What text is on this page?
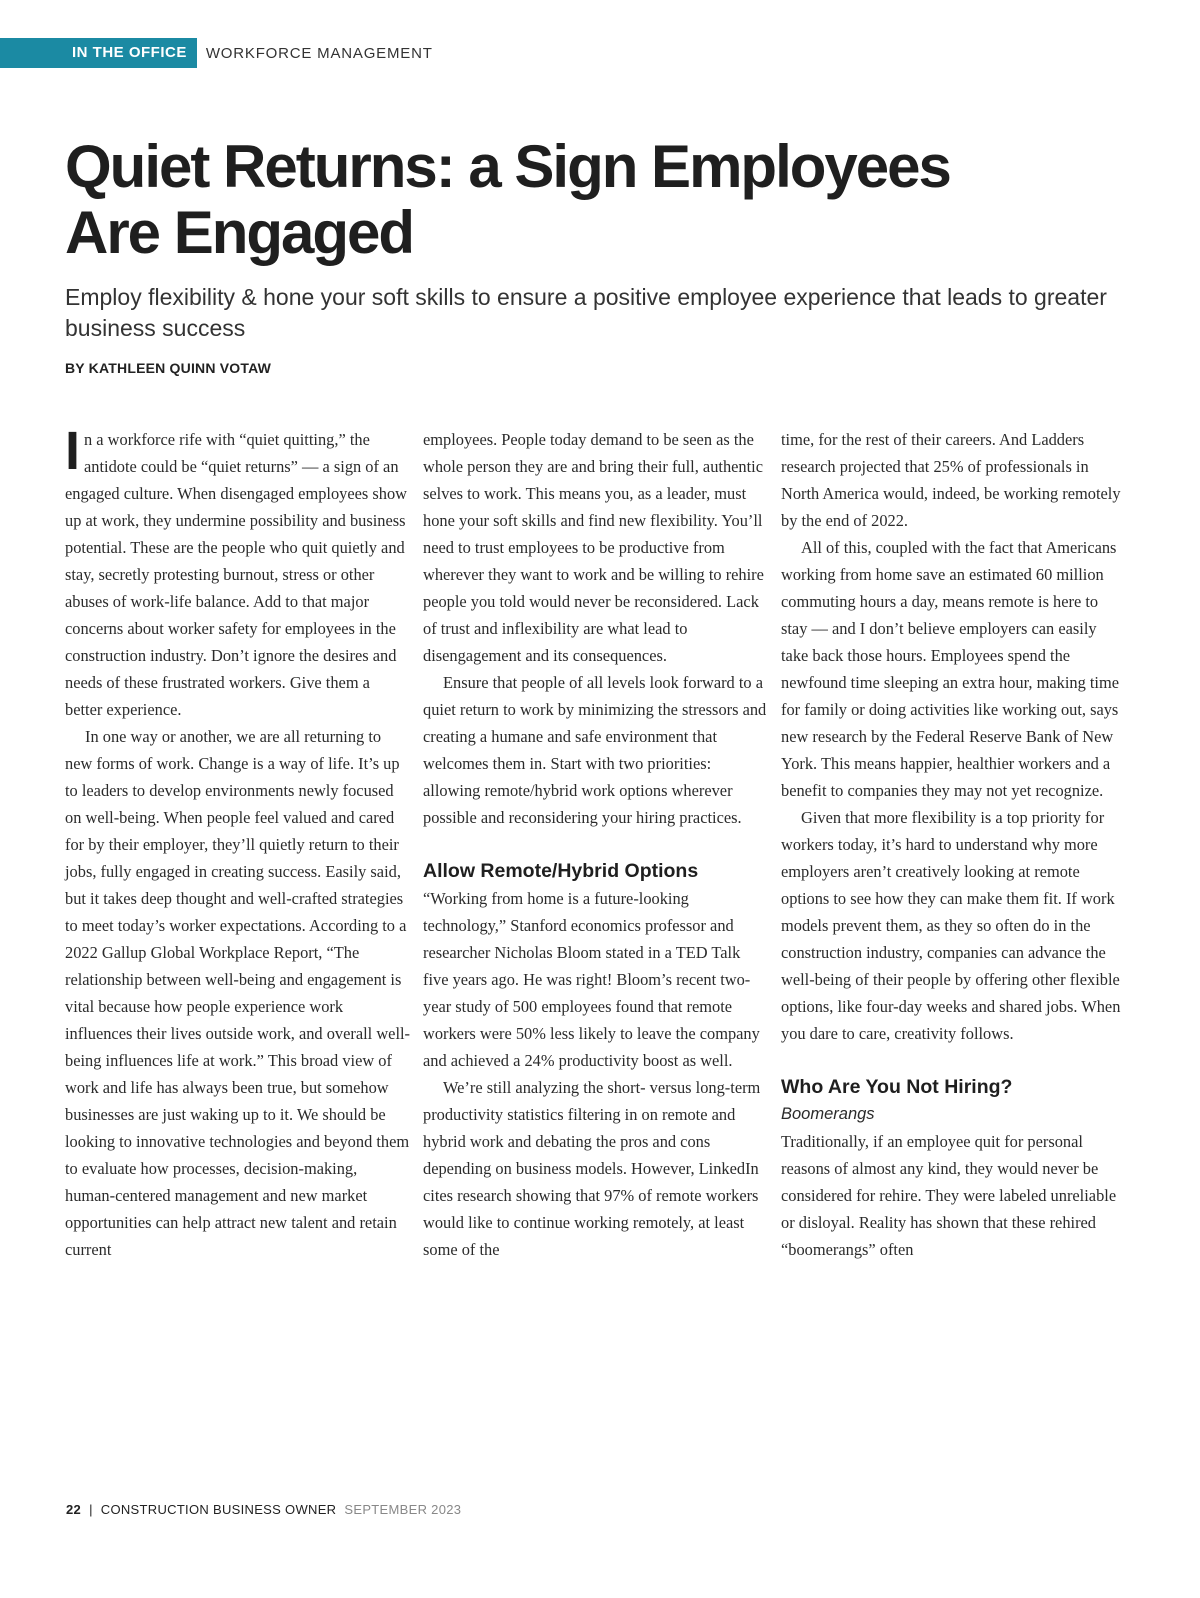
IN THE OFFICE	WORKFORCE MANAGEMENT
Quiet Returns: a Sign Employees
Are Engaged

Employ flexibility & hone your soft skills to ensure a positive employee experience that leads to greater business success

BY KATHLEEN QUINN VOTAW

In a workforce rife with “quiet quitting,” the antidote could be “quiet returns” — a sign of an engaged culture. When disengaged employees show up at work, they undermine possibility and business potential. These are the people who quit quietly and stay, secretly protesting burnout, stress or other abuses of work-life balance. Add to that major concerns about worker safety for employees in the construction industry. Don’t ignore the desires and needs of these frustrated workers. Give them a better experience.

In one way or another, we are all returning to new forms of work. Change is a way of life. It’s up to leaders to develop environments newly focused on well-being. When people feel valued and cared for by their employer, they’ll quietly return to their jobs, fully engaged in creating success. Easily said, but it takes deep thought and well-crafted strategies to meet today’s worker expectations. According to a 2022 Gallup Global Workplace Report, “The relationship between well-being and engagement is vital because how people experience work influences their lives outside work, and overall well-being influences life at work.” This broad view of work and life has always been true, but somehow businesses are just waking up to it. We should be looking to innovative technologies and beyond them to evaluate how processes, decision-making, human-centered management and new market opportunities can help attract new talent and retain current

employees. People today demand to be seen as the whole person they are and bring their full, authentic selves to work. This means you, as a leader, must hone your soft skills and find new flexibility. You’ll need to trust employees to be productive from wherever they want to work and be willing to rehire people you told would never be reconsidered. Lack of trust and inflexibility are what lead to disengagement and its consequences.

Ensure that people of all levels look forward to a quiet return to work by minimizing the stressors and creating a humane and safe environment that welcomes them in. Start with two priorities: allowing remote/hybrid work options wherever possible and reconsidering your hiring practices.

Allow Remote/Hybrid Options

“Working from home is a future-looking technology,” Stanford economics professor and researcher Nicholas Bloom stated in a TED Talk five years ago. He was right! Bloom’s recent two-year study of 500 employees found that remote workers were 50% less likely to leave the company and achieved a 24% productivity boost as well.

We’re still analyzing the short- versus long-term productivity statistics filtering in on remote and hybrid work and debating the pros and cons depending on business models. However, LinkedIn cites research showing that 97% of remote workers would like to continue working remotely, at least some of the

time, for the rest of their careers. And Ladders research projected that 25% of professionals in North America would, indeed, be working remotely by the end of 2022.

All of this, coupled with the fact that Americans working from home save an estimated 60 million commuting hours a day, means remote is here to stay — and I don’t believe employers can easily take back those hours. Employees spend the newfound time sleeping an extra hour, making time for family or doing activities like working out, says new research by the Federal Reserve Bank of New York. This means happier, healthier workers and a benefit to companies they may not yet recognize.

Given that more flexibility is a top priority for workers today, it’s hard to understand why more employers aren’t creatively looking at remote options to see how they can make them fit. If work models prevent them, as they so often do in the construction industry, companies can advance the well-being of their people by offering other flexible options, like four-day weeks and shared jobs. When you dare to care, creativity follows.

Who Are You Not Hiring?
Boomerangs

Traditionally, if an employee quit for personal reasons of almost any kind, they would never be considered for rehire. They were labeled unreliable or disloyal. Reality has shown that these rehired “boomerangs” often

22 | CONSTRUCTION BUSINESS OWNER SEPTEMBER 2023
